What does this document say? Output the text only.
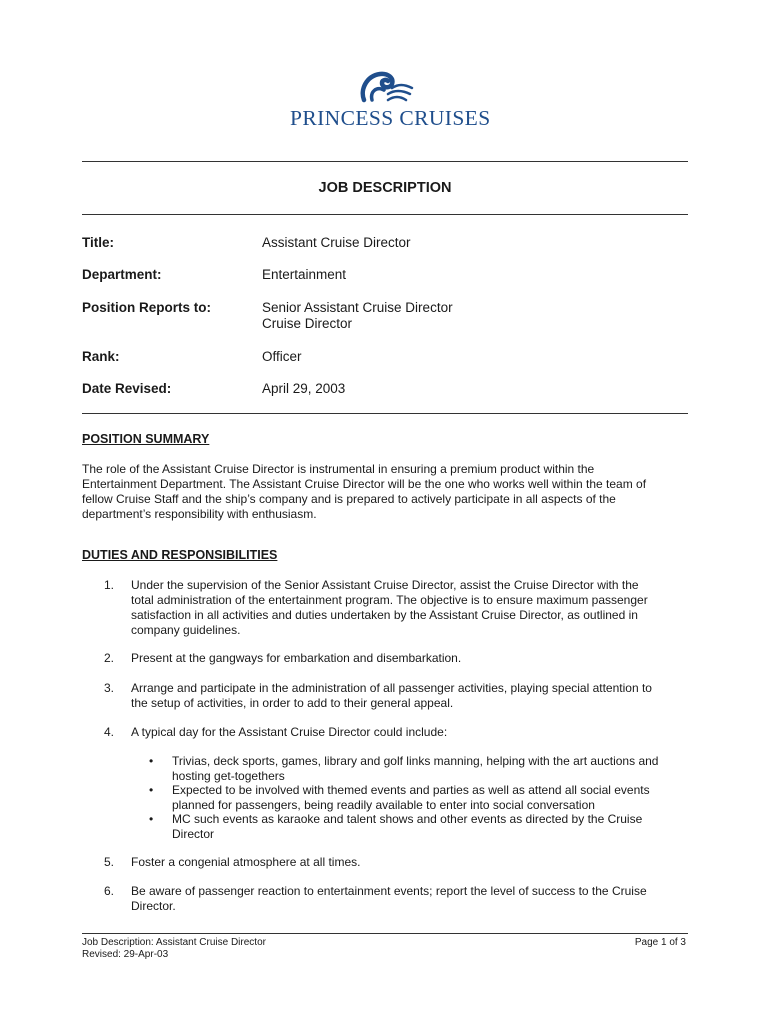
PRINCESS CRUISES
JOB DESCRIPTION
Title:	Assistant Cruise Director
Department:	Entertainment
Position Reports to:	Senior Assistant Cruise Director
Cruise Director
Rank:	Officer
Date Revised:	April 29, 2003
POSITION SUMMARY
The role of the Assistant Cruise Director is instrumental in ensuring a premium product within the
Entertainment Department. The Assistant Cruise Director will be the one who works well within the team of
fellow Cruise Staff and the ship’s company and is prepared to actively participate in all aspects of the
department’s responsibility with enthusiasm.
DUTIES AND RESPONSIBILITIES
1. Under the supervision of the Senior Assistant Cruise Director, assist the Cruise Director with the
total administration of the entertainment program. The objective is to ensure maximum passenger
satisfaction in all activities and duties undertaken by the Assistant Cruise Director, as outlined in
company guidelines.
2. Present at the gangways for embarkation and disembarkation.
3. Arrange and participate in the administration of all passenger activities, playing special attention to
the setup of activities, in order to add to their general appeal.
4. A typical day for the Assistant Cruise Director could include:
• Trivias, deck sports, games, library and golf links manning, helping with the art auctions and
hosting get-togethers
• Expected to be involved with themed events and parties as well as attend all social events
planned for passengers, being readily available to enter into social conversation
• MC such events as karaoke and talent shows and other events as directed by the Cruise
Director
5. Foster a congenial atmosphere at all times.
6. Be aware of passenger reaction to entertainment events; report the level of success to the Cruise
Director.
Job Description: Assistant Cruise Director
Revised: 29-Apr-03
Page 1 of 3
